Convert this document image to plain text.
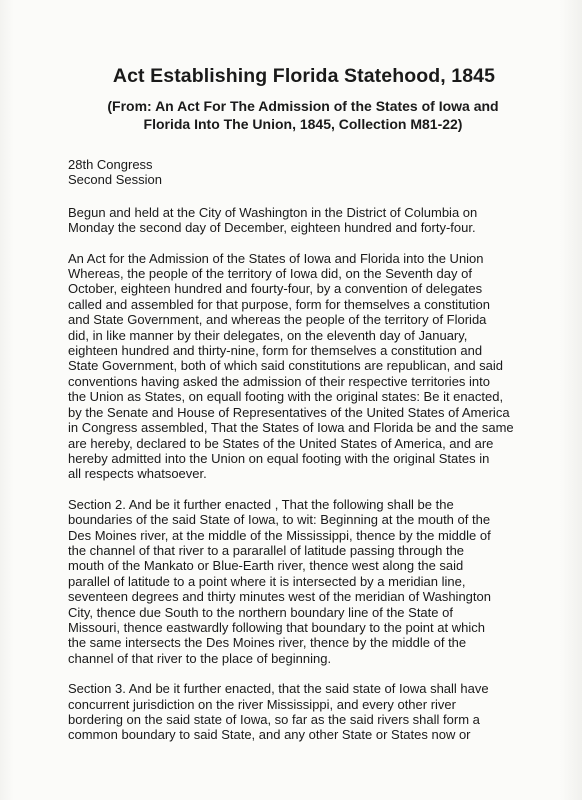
Act Establishing Florida Statehood, 1845
(From: An Act For The Admission of the States of Iowa and
Florida Into The Union, 1845, Collection M81-22)
28th Congress
Second Session

Begun and held at the City of Washington in the District of Columbia on
Monday the second day of December, eighteen hundred and forty-four.

An Act for the Admission of the States of Iowa and Florida into the Union
Whereas, the people of the territory of Iowa did, on the Seventh day of
October, eighteen hundred and fourty-four, by a convention of delegates
called and assembled for that purpose, form for themselves a constitution
and State Government, and whereas the people of the territory of Florida
did, in like manner by their delegates, on the eleventh day of January,
eighteen hundred and thirty-nine, form for themselves a constitution and
State Government, both of which said constitutions are republican, and said
conventions having asked the admission of their respective territories into
the Union as States, on equall footing with the original states: Be it enacted,
by the Senate and House of Representatives of the United States of America
in Congress assembled, That the States of Iowa and Florida be and the same
are hereby, declared to be States of the United States of America, and are
hereby admitted into the Union on equal footing with the original States in
all respects whatsoever.

Section 2. And be it further enacted , That the following shall be the
boundaries of the said State of Iowa, to wit: Beginning at the mouth of the
Des Moines river, at the middle of the Mississippi, thence by the middle of
the channel of that river to a pararallel of latitude passing through the
mouth of the Mankato or Blue-Earth river, thence west along the said
parallel of latitude to a point where it is intersected by a meridian line,
seventeen degrees and thirty minutes west of the meridian of Washington
City, thence due South to the northern boundary line of the State of
Missouri, thence eastwardly following that boundary to the point at which
the same intersects the Des Moines river, thence by the middle of the
channel of that river to the place of beginning.

Section 3. And be it further enacted, that the said state of Iowa shall have
concurrent jurisdiction on the river Mississippi, and every other river
bordering on the said state of Iowa, so far as the said rivers shall form a
common boundary to said State, and any other State or States now or
